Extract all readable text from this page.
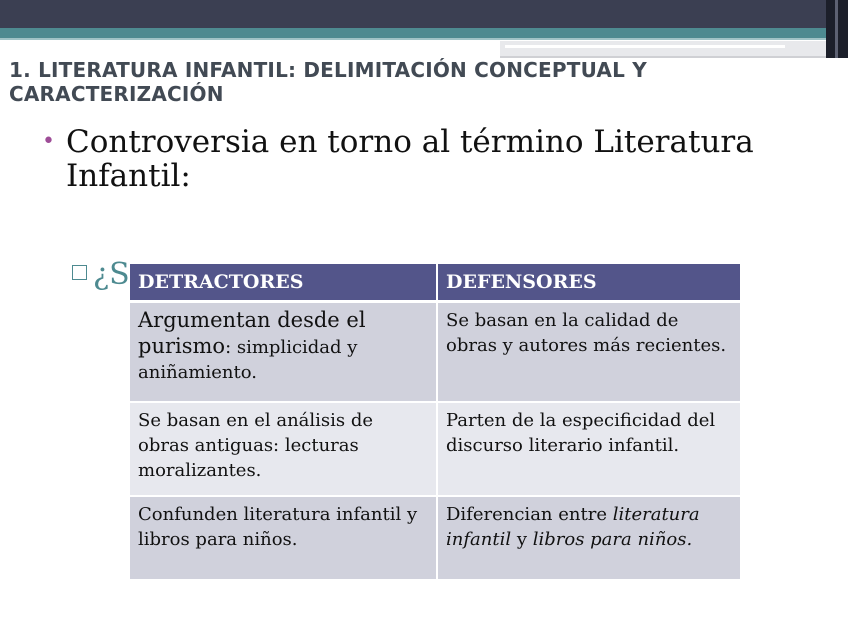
1. LITERATURA INFANTIL: DELIMITACIÓN CONCEPTUAL Y CARACTERIZACIÓN
• Controversia en torno al término Literatura Infantil:
¿S DETRACTORES	DEFENSORES
Argumentan desde el purismo: simplicidad y aniñamiento.	Se basan en la calidad de obras y autores más recientes.
Se basan en el análisis de obras antiguas: lecturas moralizantes.	Parten de la especificidad del discurso literario infantil.
Confunden literatura infantil y libros para niños.	Diferencian entre literatura infantil y libros para niños.
